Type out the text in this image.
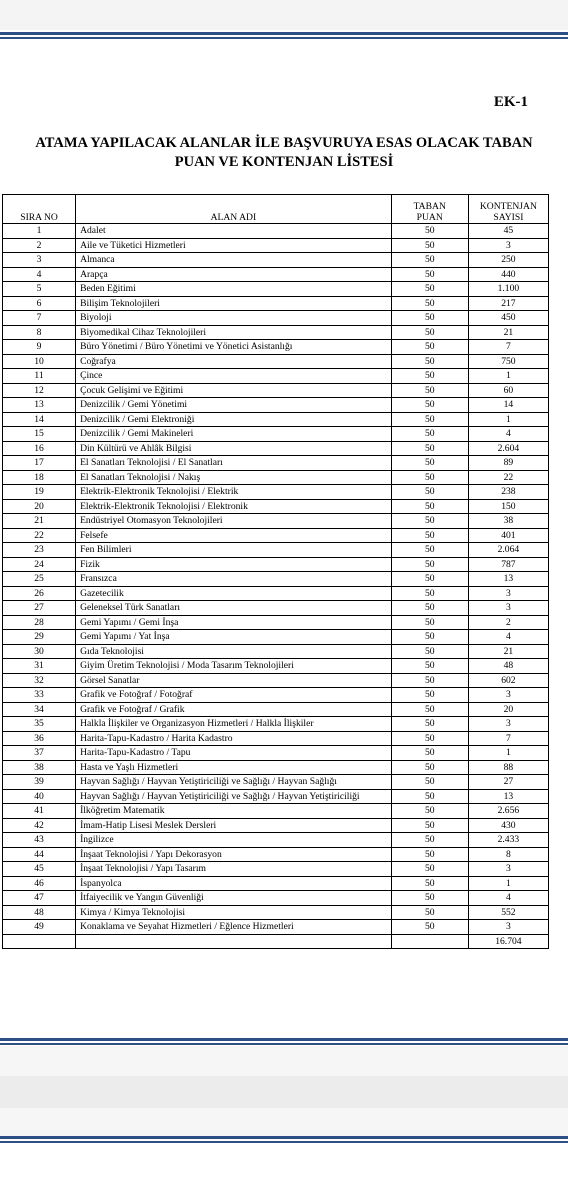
EK-1
ATAMA YAPILACAK ALANLAR İLE BAŞVURUYA ESAS OLACAK TABAN
PUAN VE KONTENJAN LİSTESİ
SIRA NO	ALAN ADI	TABAN PUAN	KONTENJAN SAYISI
1	Adalet	50	45
2	Aile ve Tüketici Hizmetleri	50	3
3	Almanca	50	250
4	Arapça	50	440
5	Beden Eğitimi	50	1.100
6	Bilişim Teknolojileri	50	217
7	Biyoloji	50	450
8	Biyomedikal Cihaz Teknolojileri	50	21
9	Büro Yönetimi / Büro Yönetimi ve Yönetici Asistanlığı	50	7
10	Coğrafya	50	750
11	Çince	50	1
12	Çocuk Gelişimi ve Eğitimi	50	60
13	Denizcilik / Gemi Yönetimi	50	14
14	Denizcilik / Gemi Elektroniği	50	1
15	Denizcilik / Gemi Makineleri	50	4
16	Din Kültürü ve Ahlâk Bilgisi	50	2.604
17	El Sanatları Teknolojisi / El Sanatları	50	89
18	El Sanatları Teknolojisi / Nakış	50	22
19	Elektrik-Elektronik Teknolojisi / Elektrik	50	238
20	Elektrik-Elektronik Teknolojisi / Elektronik	50	150
21	Endüstriyel Otomasyon Teknolojileri	50	38
22	Felsefe	50	401
23	Fen Bilimleri	50	2.064
24	Fizik	50	787
25	Fransızca	50	13
26	Gazetecilik	50	3
27	Geleneksel Türk Sanatları	50	3
28	Gemi Yapımı / Gemi İnşa	50	2
29	Gemi Yapımı / Yat İnşa	50	4
30	Gıda Teknolojisi	50	21
31	Giyim Üretim Teknolojisi / Moda Tasarım Teknolojileri	50	48
32	Görsel Sanatlar	50	602
33	Grafik ve Fotoğraf / Fotoğraf	50	3
34	Grafik ve Fotoğraf / Grafik	50	20
35	Halkla İlişkiler ve Organizasyon Hizmetleri / Halkla İlişkiler	50	3
36	Harita-Tapu-Kadastro / Harita Kadastro	50	7
37	Harita-Tapu-Kadastro / Tapu	50	1
38	Hasta ve Yaşlı Hizmetleri	50	88
39	Hayvan Sağlığı / Hayvan Yetiştiriciliği ve Sağlığı / Hayvan Sağlığı	50	27
40	Hayvan Sağlığı / Hayvan Yetiştiriciliği ve Sağlığı / Hayvan Yetiştiriciliği	50	13
41	İlköğretim Matematik	50	2.656
42	İmam-Hatip Lisesi Meslek Dersleri	50	430
43	İngilizce	50	2.433
44	İnşaat Teknolojisi / Yapı Dekorasyon	50	8
45	İnşaat Teknolojisi / Yapı Tasarım	50	3
46	İspanyolca	50	1
47	İtfaiyecilik ve Yangın Güvenliği	50	4
48	Kimya / Kimya Teknolojisi	50	552
49	Konaklama ve Seyahat Hizmetleri / Eğlence Hizmetleri	50	3
			16.704
